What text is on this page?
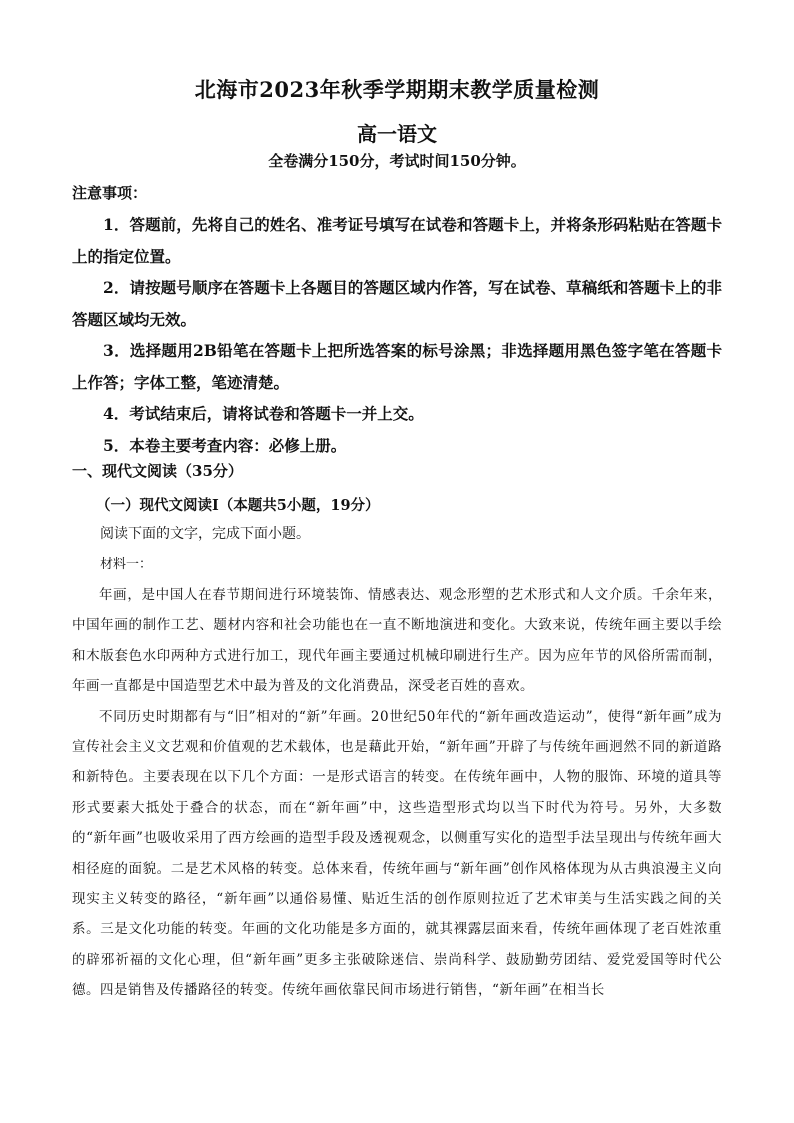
北海市2023年秋季学期期末教学质量检测
高一语文
全卷满分150分，考试时间150分钟。
注意事项：

1．答题前，先将自己的姓名、准考证号填写在试卷和答题卡上，并将条形码粘贴在答题卡上的指定位置。

2．请按题号顺序在答题卡上各题目的答题区域内作答，写在试卷、草稿纸和答题卡上的非答题区域均无效。

3．选择题用2B铅笔在答题卡上把所选答案的标号涂黑；非选择题用黑色签字笔在答题卡上作答；字体工整，笔迹清楚。

4．考试结束后，请将试卷和答题卡一并上交。

5．本卷主要考查内容：必修上册。

一、现代文阅读（35分）
（一）现代文阅读Ⅰ（本题共5小题，19分）
阅读下面的文字，完成下面小题。
材料一：

年画，是中国人在春节期间进行环境装饰、情感表达、观念形塑的艺术形式和人文介质。千余年来，中国年画的制作工艺、题材内容和社会功能也在一直不断地演进和变化。大致来说，传统年画主要以手绘和木版套色水印两种方式进行加工，现代年画主要通过机械印刷进行生产。因为应年节的风俗所需而制，年画一直都是中国造型艺术中最为普及的文化消费品，深受老百姓的喜欢。

不同历史时期都有与“旧”相对的“新”年画。20世纪50年代的“新年画改造运动”，使得“新年画”成为宣传社会主义文艺观和价值观的艺术载体，也是藉此开始，“新年画”开辟了与传统年画迥然不同的新道路和新特色。主要表现在以下几个方面：一是形式语言的转变。在传统年画中，人物的服饰、环境的道具等形式要素大抵处于叠合的状态，而在“新年画”中，这些造型形式均以当下时代为符号。另外，大多数的“新年画”也吸收采用了西方绘画的造型手段及透视观念，以侧重写实化的造型手法呈现出与传统年画大相径庭的面貌。二是艺术风格的转变。总体来看，传统年画与“新年画”创作风格体现为从古典浪漫主义向现实主义转变的路径，“新年画”以通俗易懂、贴近生活的创作原则拉近了艺术审美与生活实践之间的关系。三是文化功能的转变。年画的文化功能是多方面的，就其裸露层面来看，传统年画体现了老百姓浓重的辟邪祈福的文化心理，但“新年画”更多主张破除迷信、崇尚科学、鼓励勤劳团结、爱党爱国等时代公德。四是销售及传播路径的转变。传统年画依靠民间市场进行销售，“新年画”在相当长
